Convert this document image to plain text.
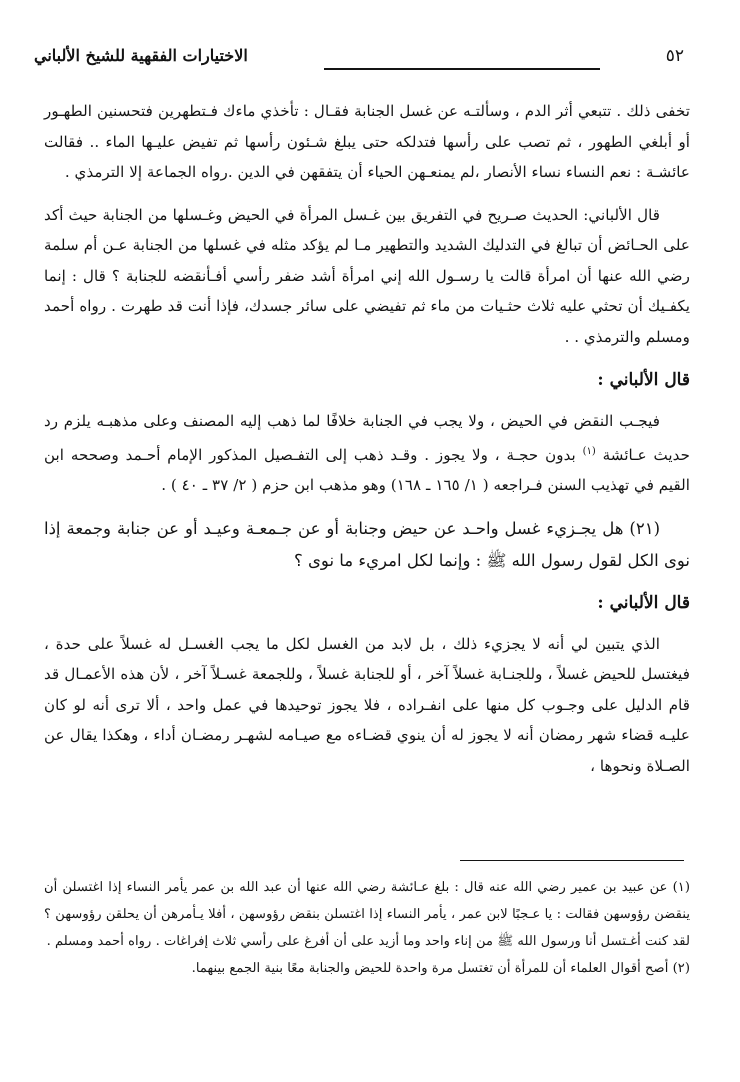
٥٢
الاختيارات الفقهية للشيخ الألباني

تخفى ذلك . تتبعي أثر الدم ، وسألتـه عن غسل الجنابة فقـال : تأخذي ماءك فـتطهرين فتحسنين الطهـور أو أبلغي الطهور ، ثم تصب على رأسها فتدلكه حتى يبلغ شـئون رأسها ثم تفيض عليـها الماء .. فقالت عائشـة : نعم النساء نساء الأنصار ،لم يمنعـهن الحياء أن يتفقهن في الدين .رواه الجماعة إلا الترمذي .

قال الألباني: الحديث صـريح في التفريق بين غـسل المرأة في الحيض وغـسلها من الجنابة حيث أكد على الحـائض أن تبالغ في التدليك الشديد والتطهير مـا لم يؤكد مثله في غسلها من الجنابة عـن أم سلمة رضي الله عنها أن امرأة قالت يا رسـول الله إني امرأة أشد ضفر رأسي أفـأنقضه للجنابة ؟ قال : إنما يكفـيك أن تحثي عليه ثلاث حثـيات من ماء ثم تفيضي على سائر جسدك، فإذا أنت قد طهرت . رواه أحمد ومسلم والترمذي . .

قال الألباني :

فيجـب النقض في الحيض ، ولا يجب في الجنابة خلافًا لما ذهب إليه المصنف وعلى مذهبـه يلزم رد حديث عـائشة $^{(١)}$ بدون حجـة ، ولا يجوز . وقـد ذهب إلى التفـصيل المذكور الإمام أحـمد وصححه ابن القيم في تهذيب السنن فـراجعه ( ١/ ١٦٥ ـ ١٦٨) وهو مذهب ابن حزم ( ٢/ ٣٧ ـ ٤٠ ) .

(٢١) هل يجـزيء غسل واحـد عن حيض وجنابة أو عن جـمعـة وعيـد أو عن جنابة وجمعة إذا نوى الكل لقول رسول الله ﷺ : وإنما لكل امريء ما نوى ؟

قال الألباني :

الذي يتبين لي أنه لا يجزيء ذلك ، بل لابد من الغسل لكل ما يجب الغسـل له غسلاً على حدة ، فيغتسل للحيض غسلاً ، وللجنـابة غسلاً آخر ، أو للجنابة غسلاً ، وللجمعة غسـلاً آخر ، لأن هذه الأعمـال قد قام الدليل على وجـوب كل منها على انفـراده ، فلا يجوز توحيدها في عمل واحد ، ألا ترى أنه لو كان عليـه قضاء شهر رمضان أنه لا يجوز له أن ينوي قضـاءه مع صيـامه لشهـر رمضـان أداء ، وهكذا يقال عن الصـلاة ونحوها ،

(١) عن عبيد بن عمير رضي الله عنه قال : بلغ عـائشة رضي الله عنها أن عبد الله بن عمر يأمر النساء إذا اغتسلن أن ينقضن رؤوسهن فقالت : يا عـجبًا لابن عمر ، يأمر النساء إذا اغتسلن بنقض رؤوسهن ، أفلا يـأمرهن أن يحلقن رؤوسهن ؟ لقد كنت أغـتسل أنا ورسول الله ﷺ من إناء واحد وما أزيد على أن أفرغ على رأسي ثلاث إفراغات . رواه أحمد ومسلم .

(٢) أصح أقوال العلماء أن للمرأة أن تغتسل مرة واحدة للحيض والجنابة معًا بنية الجمع بينهما.
